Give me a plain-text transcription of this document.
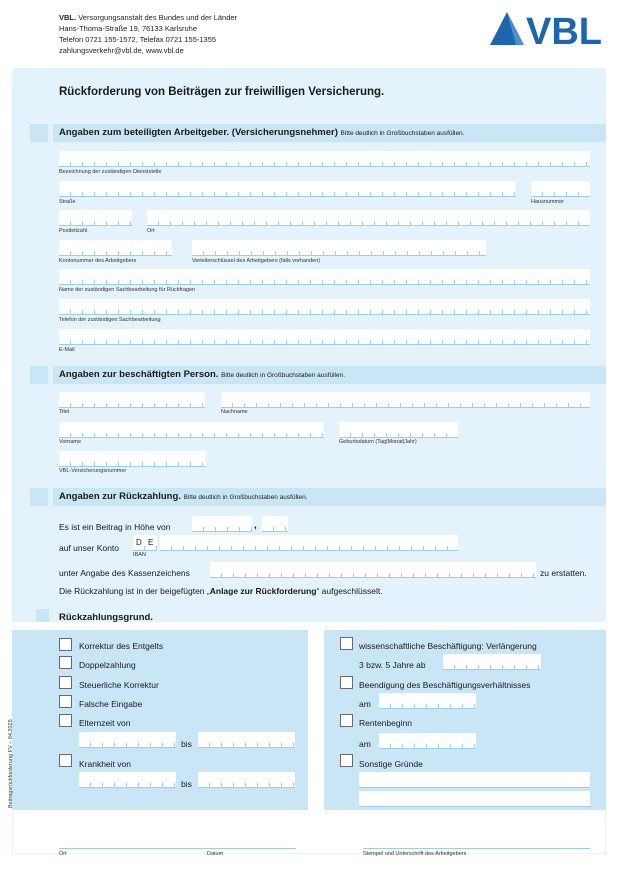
VBL. Versorgungsanstalt des Bundes und der Länder
Hans-Thoma-Straße 19, 76133 Karlsruhe
Telefon 0721 155-1572, Telefax 0721 155-1355
zahlungsverkehr@vbl.de, www.vbl.de	VBL
Rückforderung von Beiträgen zur freiwilligen Versicherung.
Angaben zum beteiligten Arbeitgeber. (Versicherungsnehmer) Bitte deutlich in Großbuchstaben ausfüllen.
Bezeichnung der zuständigen Dienststelle
Straße	Hausnummer
Postleitzahl	Ort
Kontonummer des Arbeitgebers	Verteilerschlüssel des Arbeitgebers (falls vorhanden)
Name der zuständigen Sachbearbeitung für Rückfragen
Telefon der zuständigen Sachbearbeitung
E-Mail
Angaben zur beschäftigten Person. Bitte deutlich in Großbuchstaben ausfüllen.
Titel	Nachname
Vorname	Geburtsdatum (Tag|Monat|Jahr)
VBL-Versicherungsnummer
Angaben zur Rückzahlung. Bitte deutlich in Großbuchstaben ausfüllen.
Es ist ein Beitrag in Höhe von	,
auf unser Konto
D E
IBAN
unter Angabe des Kassenzeichens	zu erstatten.
Die Rückzahlung ist in der beigefügten „Anlage zur Rückforderung“ aufgeschlüsselt.
Rückzahlungsgrund.
Beitragsrückforderung FV – 04.2025
Korrektur des Entgelts
Doppelzahlung
Steuerliche Korrektur
Falsche Eingabe
Elternzeit von
bis
Krankheit von
bis
wissenschaftliche Beschäftigung: Verlängerung
3 bzw. 5 Jahre ab
Beendigung des Beschäftigungsverhältnisses
am
Rentenbeginn
am
Sonstige Gründe
Ort	Datum	Stempel und Unterschrift des Arbeitgebers
